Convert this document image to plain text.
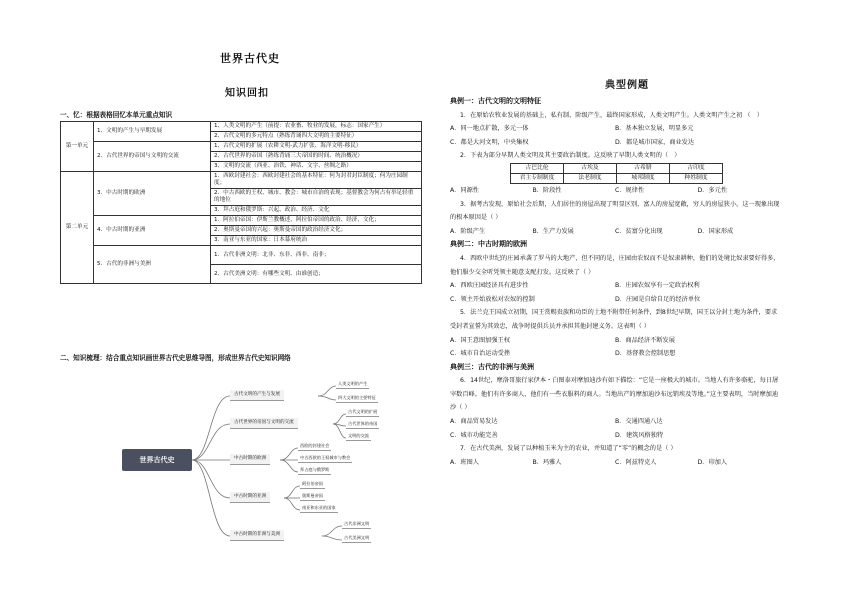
世界古代史
知识回扣
一、忆：根据表格回忆本单元重点知识
第一单元	1、文明的产生与早期发展	1、人类文明的产生（前提：农业畜、牧业的发展，标志：国家产生）
		2、古代文明的多元特点（熟练背诵四大文明的主要特征）
	2、古代世界的帝国与文明的交流	1、古代文明的扩展（农耕文明-武力扩张、海洋文明-移民）
		2、古代世界的帝国（熟练背诵三大帝国的时间、统治概况）
		3、文明的交流（西亚、治铁、神话、文字、丝绸之路）
第二单元	3．中古时期的欧洲	1．西欧封建社会：西欧封建社会的基本特征：何为封君封臣制度；何为庄园制度；
		2．中古西欧的王权、城市、教会：城市自治的表现；基督教会为何占有举足轻重的地位
		3．拜占庭和俄罗斯：兴起、政治、经济、文化
	4．中古时期的亚洲	1．阿拉伯帝国：伊斯兰教概述，阿拉伯帝国的政治、经济、文化；
		2．奥斯曼帝国的兴起：奥斯曼帝国的政治经济文化；
		3．南亚与东亚的国家：日本幕府统治
	5．古代的非洲与美洲	1．古代非洲文明：北非、东非、西非、南非；
		2、古代美洲文明：有哪些文明、由谁创造；
二、知识梳理：结合重点知识画世界古代史思维导图，形成世界古代史知识网络
世界古代史
古代文明的产生与发展
人类文明的产生
四大文明的主要特征
古代世界的帝国与文明的交流
古代文明的扩展
古代世界的帝国
文明的交流
中古时期的欧洲
西欧的封建社会
中古西欧的王权城市与教会
拜占庭与俄罗斯
中古时期的亚洲
阿拉伯帝国
奥斯曼帝国
南亚和东亚的国家
中古时期的非洲与美洲
古代非洲文明
古代美洲文明
典型例题
典例一：古代文明的文明特征
1．在原始农牧业发展的基础上，私有制、阶级产生，最终国家形成，人类文明产生。人类文明产生之初 （　）
A．同一地点扩散，多元一体	B．基本独立发展，明显多元
C．都是大河文明，中央集权	D．都是城市国家，商业发达
2．下表为部分早期人类文明及其主要政治制度。这反映了早期人类文明的（　）
古巴比伦	古埃及	古希腊	古印度
君主专制制度	法老制度	城邦制度	种姓制度
A．同源性	B．阶段性	C．规律性	D．多元性
3．据考古发现，原始社会后期，人们居住的房屋出现了明显区别，富人的房屋宽敞，穷人的房屋狭小。这一现象出现的根本原因是（ ）
A．阶级产生	B．生产力发展	C．贫富分化出现	D．国家形成
典例二：中古时期的欧洲
4．西欧中世纪的庄园承袭了罗马的大地产，但不同的是，庄园由农奴而不是奴隶耕种，他们的处境比奴隶要好得多，他们服少交全听凭领主随意支配打发。这反映了（ ）
A．西欧庄园经济具有进步性	B．庄园农奴享有一定政治权利
C．领主开始放松对农奴的控制	D．庄园是自给自足的经济单位
5．法兰克王国成立初期，国王赏赐贵族和功臣的土地不附带任何条件，到8世纪早期，国王以分封土地为条件，要求受封者宣誓为其效忠，战争时提供兵员并承担其他封建义务。这表明（ ）
A．国王意图加强王权	B．商品经济不断发展
C．城市自治运动受挫	D．基督教会控制思想
典例三：古代的非洲与美洲
6．14世纪，摩洛哥旅行家伊本・白图泰对摩加迪沙有如下描绘：“它是一座极大的城市。当地人有许多骆驼，每日屠宰数百峰。他们有许多商人，他们有一些衣服料的商人。当地出产的摩加迪沙布远销埃及等地。”这主要表明，当时摩加迪沙（ ）
A．商品贸易发达	B．交通四通八达
C．城市功能完善	D．建筑风格独特
7．在古代美洲，发展了以种植玉米为主的农业，并知道了“零”的概念的是（ ）
A．班图人	B．玛雅人	C．阿兹特克人	D．印加人
